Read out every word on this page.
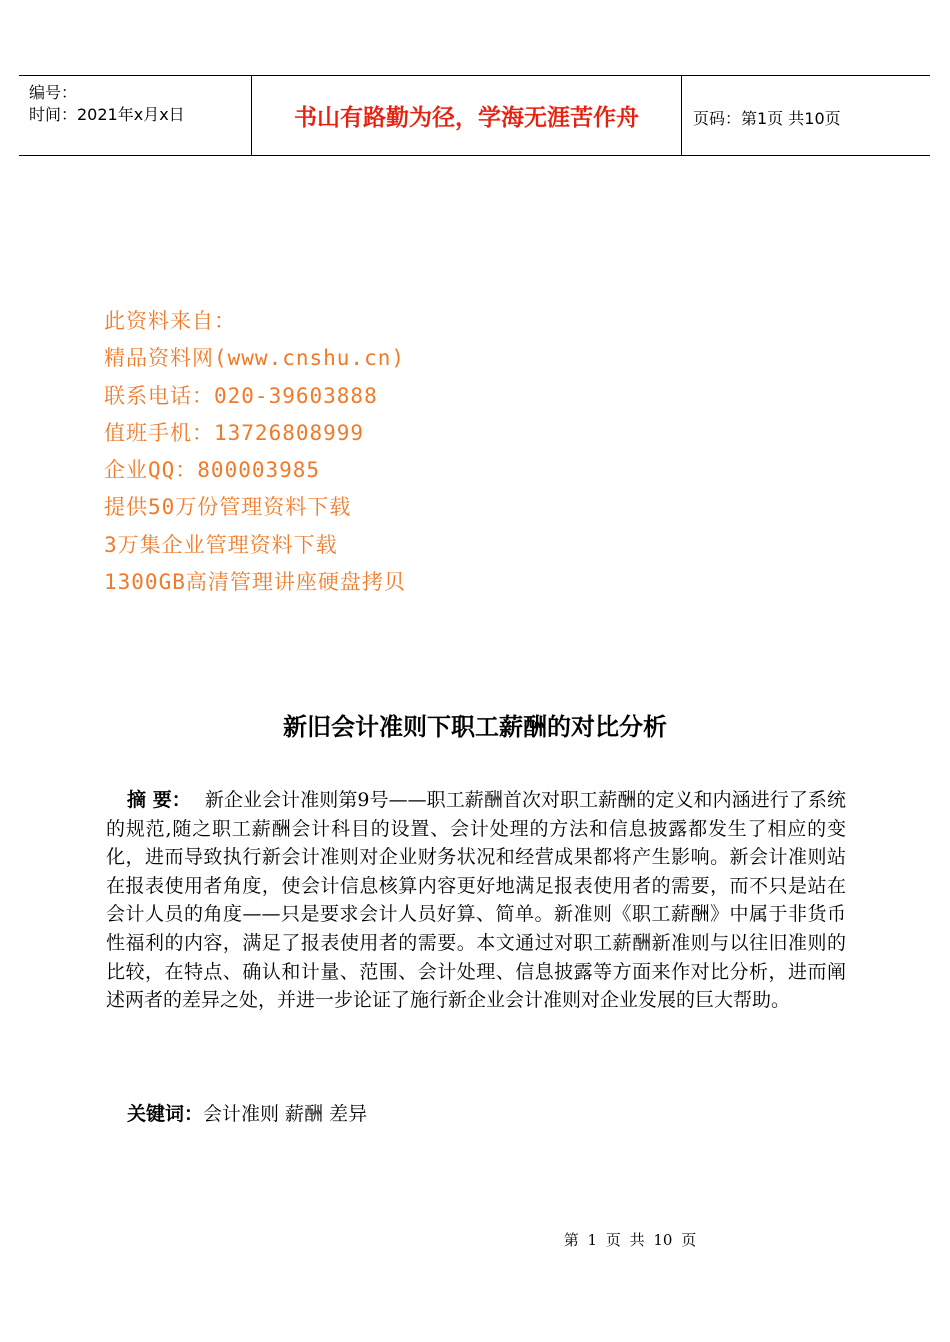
编号：
时间：2021年x月x日	书山有路勤为径，学海无涯苦作舟	页码：第1页 共10页
此资料来自：
精品资料网(www.cnshu.cn)
联系电话：020-39603888
值班手机：13726808999
企业QQ：800003985
提供50万份管理资料下载
3万集企业管理资料下载
1300GB高清管理讲座硬盘拷贝
新旧会计准则下职工薪酬的对比分析
摘 要： 新企业会计准则第9号——职工薪酬首次对职工薪酬的定义和内涵进行了系统的规范,随之职工薪酬会计科目的设置、会计处理的方法和信息披露都发生了相应的变化，进而导致执行新会计准则对企业财务状况和经营成果都将产生影响。新会计准则站在报表使用者角度，使会计信息核算内容更好地满足报表使用者的需要，而不只是站在会计人员的角度——只是要求会计人员好算、简单。新准则《职工薪酬》中属于非货币性福利的内容，满足了报表使用者的需要。本文通过对职工薪酬新准则与以往旧准则的比较，在特点、确认和计量、范围、会计处理、信息披露等方面来作对比分析，进而阐述两者的差异之处，并进一步论证了施行新企业会计准则对企业发展的巨大帮助。
关键词：会计准则 薪酬 差异
第 1 页 共 10 页
